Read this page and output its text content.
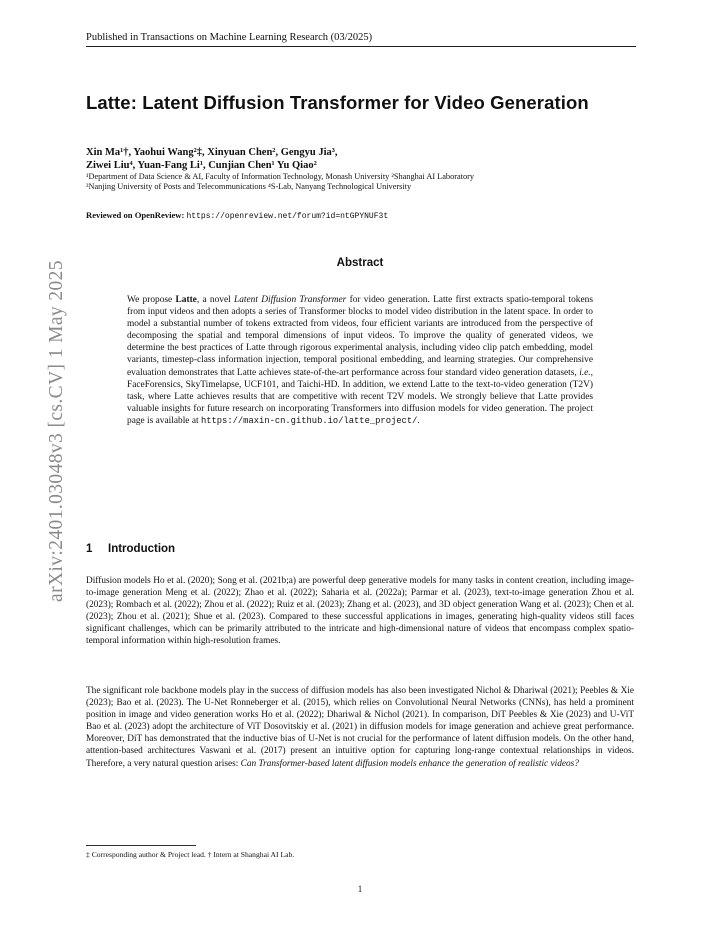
Published in Transactions on Machine Learning Research (03/2025)
arXiv:2401.03048v3 [cs.CV] 1 May 2025
Latte: Latent Diffusion Transformer for Video Generation
Xin Ma¹†, Yaohui Wang²‡, Xinyuan Chen², Gengyu Jia³,
Ziwei Liu⁴, Yuan-Fang Li¹, Cunjian Chen¹ Yu Qiao²
¹Department of Data Science & AI, Faculty of Information Technology, Monash University ²Shanghai AI Laboratory
³Nanjing University of Posts and Telecommunications ⁴S-Lab, Nanyang Technological University
Reviewed on OpenReview: https://openreview.net/forum?id=ntGPYNUF3t
Abstract
We propose Latte, a novel Latent Diffusion Transformer for video generation. Latte first extracts spatio-temporal tokens from input videos and then adopts a series of Transformer blocks to model video distribution in the latent space. In order to model a substantial number of tokens extracted from videos, four efficient variants are introduced from the perspective of decomposing the spatial and temporal dimensions of input videos. To improve the quality of generated videos, we determine the best practices of Latte through rigorous experimental analysis, including video clip patch embedding, model variants, timestep-class information injection, temporal positional embedding, and learning strategies. Our comprehensive evaluation demonstrates that Latte achieves state-of-the-art performance across four standard video generation datasets, i.e., FaceForensics, SkyTimelapse, UCF101, and Taichi-HD. In addition, we extend Latte to the text-to-video generation (T2V) task, where Latte achieves results that are competitive with recent T2V models. We strongly believe that Latte provides valuable insights for future research on incorporating Transformers into diffusion models for video generation. The project page is available at https://maxin-cn.github.io/latte_project/.
1 Introduction
Diffusion models Ho et al. (2020); Song et al. (2021b;a) are powerful deep generative models for many tasks in content creation, including image-to-image generation Meng et al. (2022); Zhao et al. (2022); Saharia et al. (2022a); Parmar et al. (2023), text-to-image generation Zhou et al. (2023); Rombach et al. (2022); Zhou et al. (2022); Ruiz et al. (2023); Zhang et al. (2023), and 3D object generation Wang et al. (2023); Chen et al. (2023); Zhou et al. (2021); Shue et al. (2023). Compared to these successful applications in images, generating high-quality videos still faces significant challenges, which can be primarily attributed to the intricate and high-dimensional nature of videos that encompass complex spatio-temporal information within high-resolution frames.
The significant role backbone models play in the success of diffusion models has also been investigated Nichol & Dhariwal (2021); Peebles & Xie (2023); Bao et al. (2023). The U-Net Ronneberger et al. (2015), which relies on Convolutional Neural Networks (CNNs), has held a prominent position in image and video generation works Ho et al. (2022); Dhariwal & Nichol (2021). In comparison, DiT Peebles & Xie (2023) and U-ViT Bao et al. (2023) adopt the architecture of ViT Dosovitskiy et al. (2021) in diffusion models for image generation and achieve great performance. Moreover, DiT has demonstrated that the inductive bias of U-Net is not crucial for the performance of latent diffusion models. On the other hand, attention-based architectures Vaswani et al. (2017) present an intuitive option for capturing long-range contextual relationships in videos. Therefore, a very natural question arises: Can Transformer-based latent diffusion models enhance the generation of realistic videos?
‡ Corresponding author & Project lead. † Intern at Shanghai AI Lab.
1
